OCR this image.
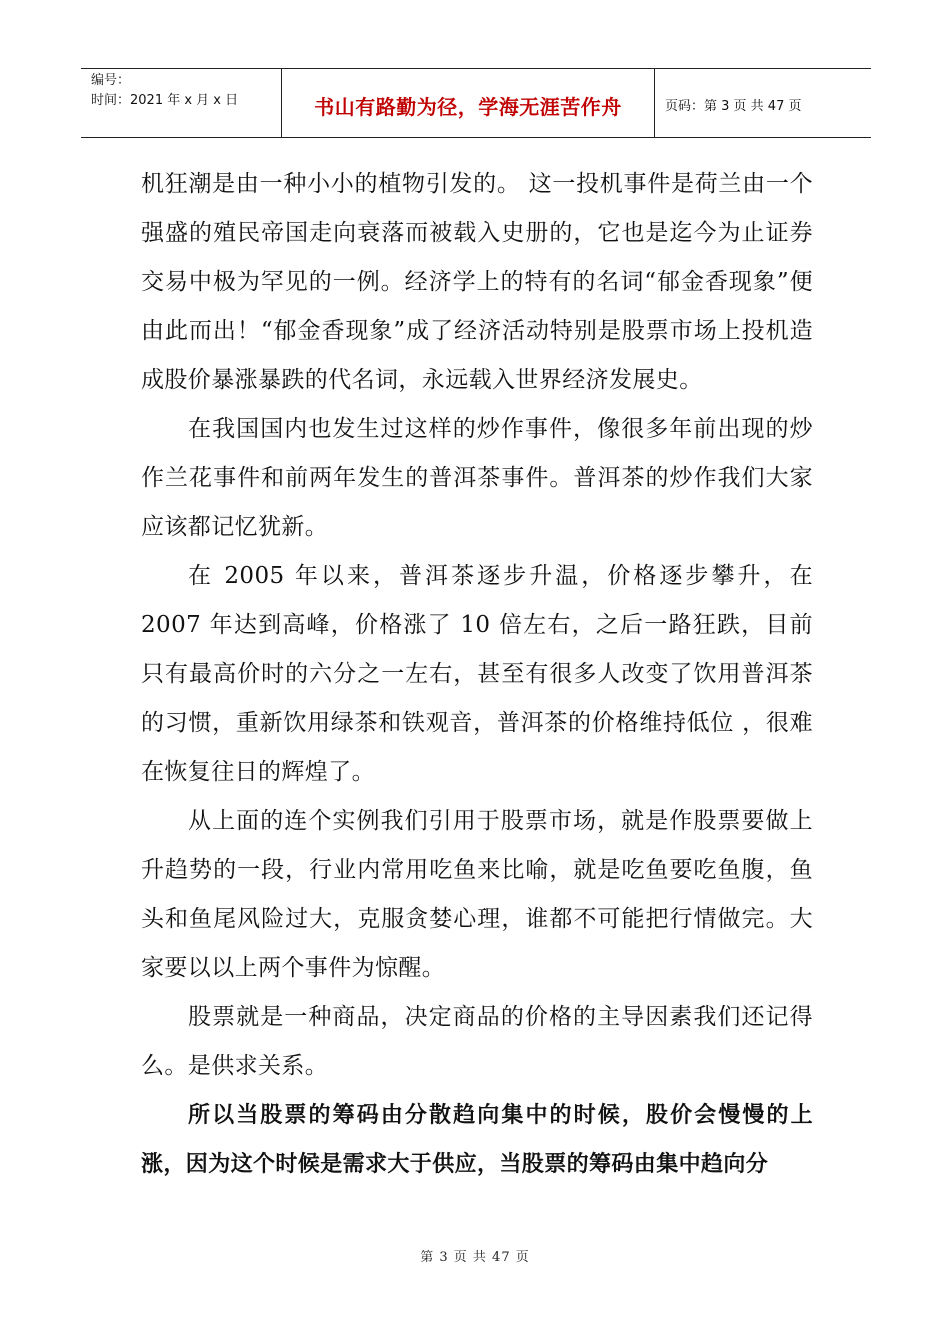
编号：
时间：2021 年 x 月 x 日	书山有路勤为径，学海无涯苦作舟	页码：第 3 页 共 47 页

机狂潮是由一种小小的植物引发的。 这一投机事件是荷兰由一个强盛的殖民帝国走向衰落而被载入史册的，它也是迄今为止证券交易中极为罕见的一例。经济学上的特有的名词“郁金香现象”便由此而出！“郁金香现象”成了经济活动特别是股票市场上投机造成股价暴涨暴跌的代名词，永远载入世界经济发展史。

在我国国内也发生过这样的炒作事件，像很多年前出现的炒作兰花事件和前两年发生的普洱茶事件。普洱茶的炒作我们大家应该都记忆犹新。

在 2005 年以来，普洱茶逐步升温，价格逐步攀升，在 2007 年达到高峰，价格涨了 10 倍左右，之后一路狂跌，目前只有最高价时的六分之一左右，甚至有很多人改变了饮用普洱茶的习惯，重新饮用绿茶和铁观音，普洱茶的价格维持低位 ，很难在恢复往日的辉煌了。

从上面的连个实例我们引用于股票市场，就是作股票要做上升趋势的一段，行业内常用吃鱼来比喻，就是吃鱼要吃鱼腹，鱼头和鱼尾风险过大，克服贪婪心理，谁都不可能把行情做完。大家要以以上两个事件为惊醒。

股票就是一种商品，决定商品的价格的主导因素我们还记得么。是供求关系。

所以当股票的筹码由分散趋向集中的时候，股价会慢慢的上涨，因为这个时候是需求大于供应，当股票的筹码由集中趋向分

第 3 页 共 47 页
